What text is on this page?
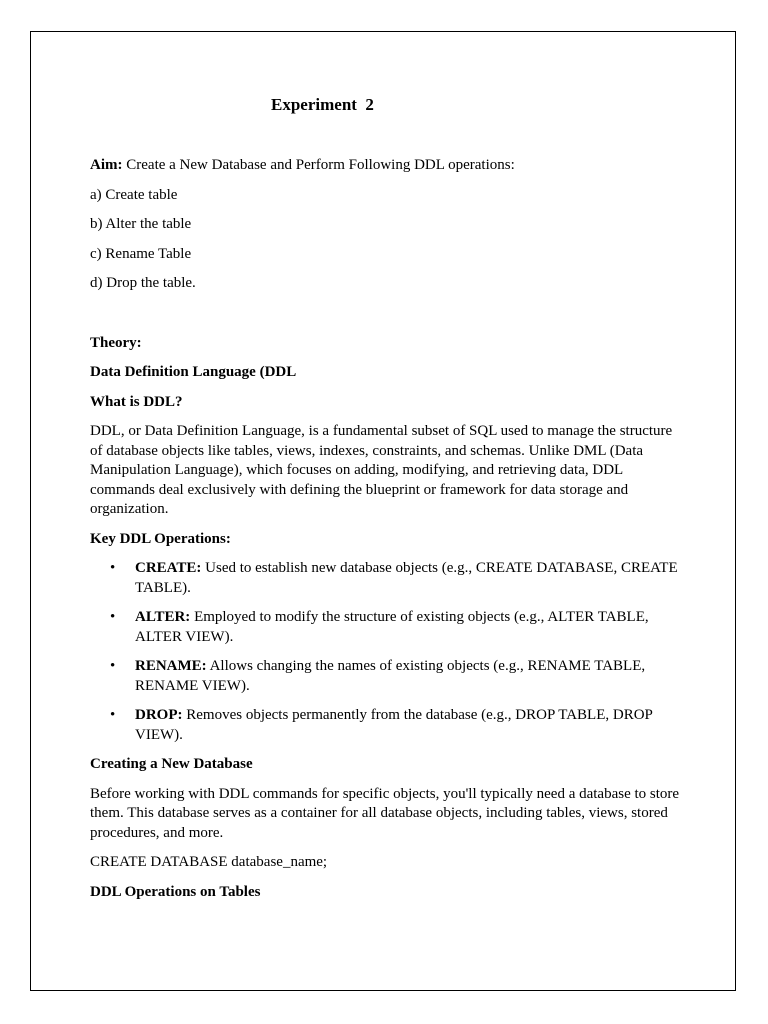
Experiment  2

Aim: Create a New Database and Perform Following DDL operations:

a) Create table

b) Alter the table

c) Rename Table

d) Drop the table.

Theory:

Data Definition Language (DDL

What is DDL?

DDL, or Data Definition Language, is a fundamental subset of SQL used to manage the structure of database objects like tables, views, indexes, constraints, and schemas. Unlike DML (Data Manipulation Language), which focuses on adding, modifying, and retrieving data, DDL commands deal exclusively with defining the blueprint or framework for data storage and organization.

Key DDL Operations:

• CREATE: Used to establish new database objects (e.g., CREATE DATABASE, CREATE TABLE).
• ALTER: Employed to modify the structure of existing objects (e.g., ALTER TABLE, ALTER VIEW).
• RENAME: Allows changing the names of existing objects (e.g., RENAME TABLE, RENAME VIEW).
• DROP: Removes objects permanently from the database (e.g., DROP TABLE, DROP VIEW).

Creating a New Database

Before working with DDL commands for specific objects, you'll typically need a database to store them. This database serves as a container for all database objects, including tables, views, stored procedures, and more.

CREATE DATABASE database_name;

DDL Operations on Tables
